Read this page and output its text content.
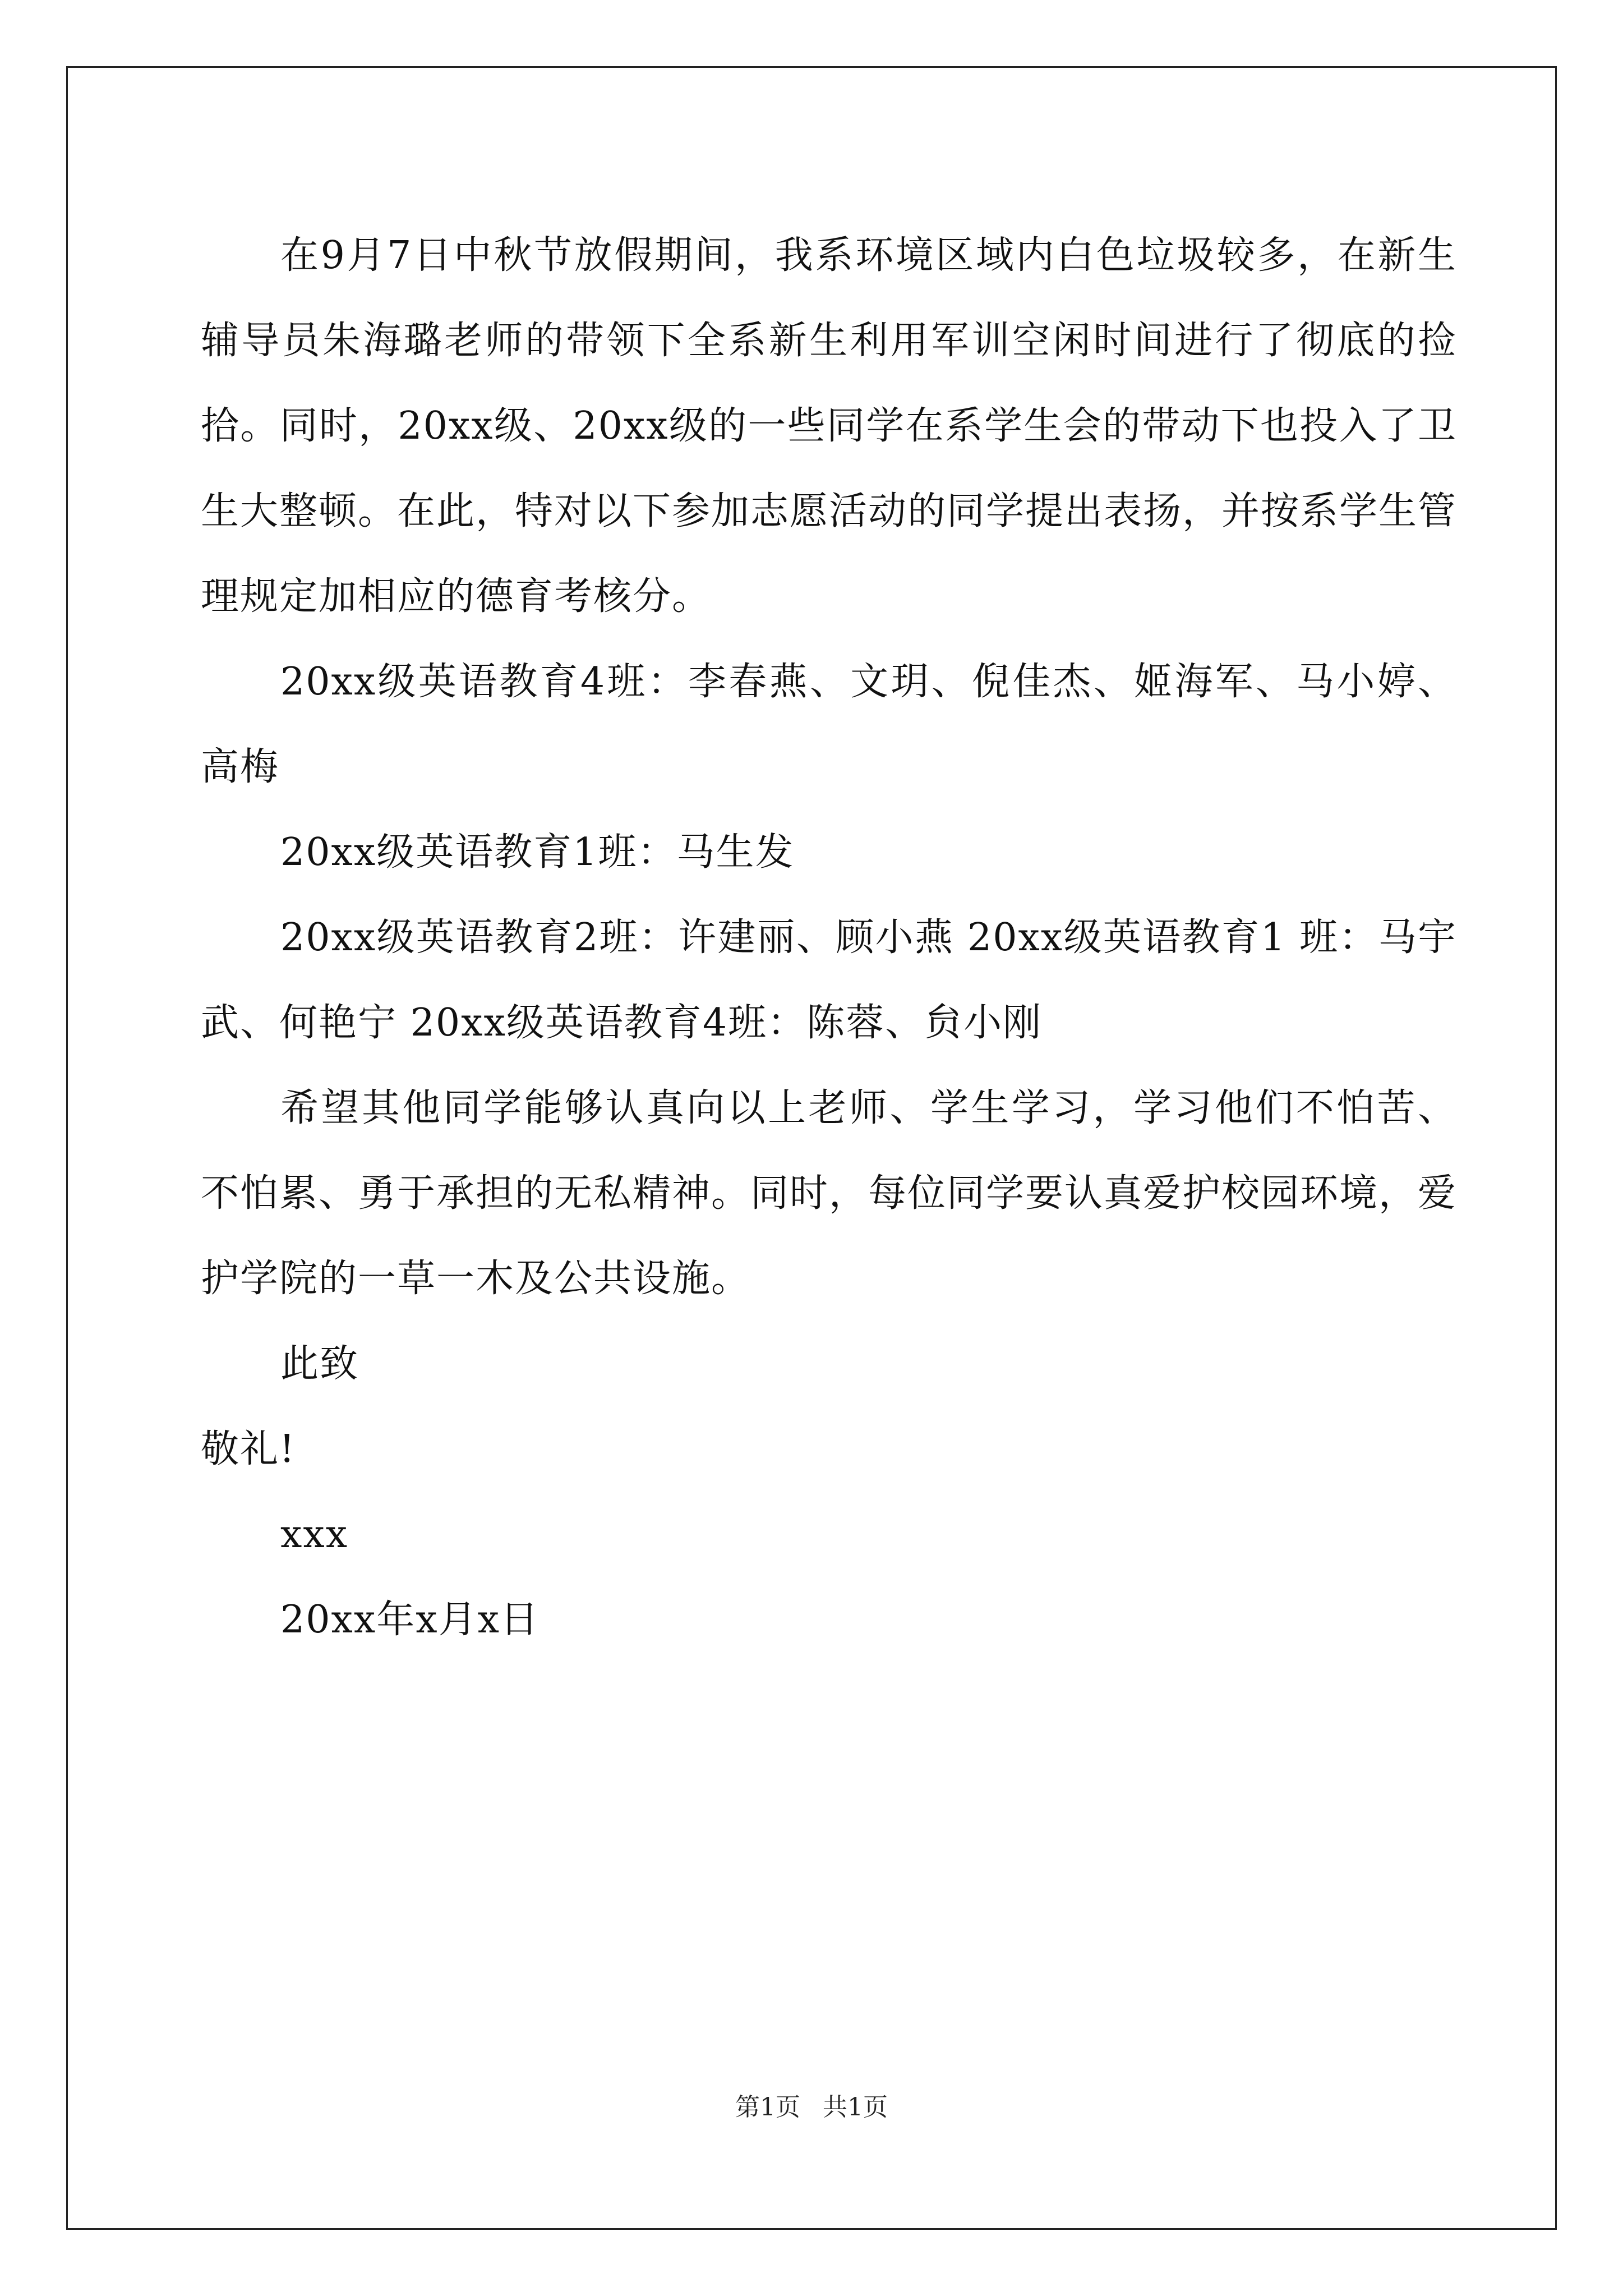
在9月7日中秋节放假期间，我系环境区域内白色垃圾较多，在新生辅导员朱海璐老师的带领下全系新生利用军训空闲时间进行了彻底的捡拾。同时，20xx级、20xx级的一些同学在系学生会的带动下也投入了卫生大整顿。在此，特对以下参加志愿活动的同学提出表扬，并按系学生管理规定加相应的德育考核分。

20xx级英语教育4班：李春燕、文玥、倪佳杰、姬海军、马小婷、高梅

20xx级英语教育1班：马生发

20xx级英语教育2班：许建丽、顾小燕 20xx级英语教育1 班：马宇武、何艳宁 20xx级英语教育4班：陈蓉、贠小刚

希望其他同学能够认真向以上老师、学生学习，学习他们不怕苦、不怕累、勇于承担的无私精神。同时，每位同学要认真爱护校园环境，爱护学院的一草一木及公共设施。

此致

敬礼!

xxx

20xx年x月x日

第1页 共1页
